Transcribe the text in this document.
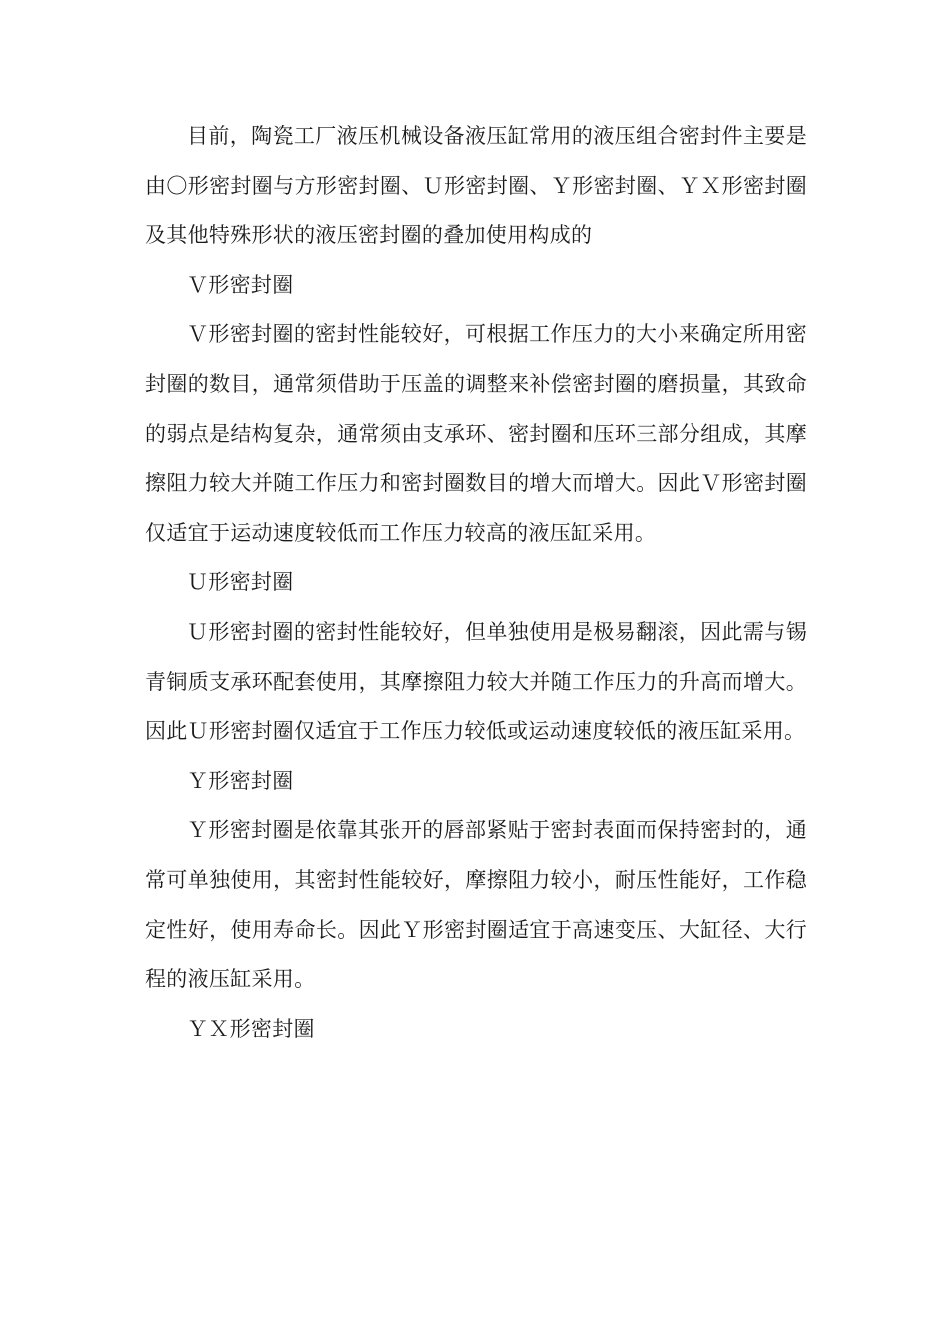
目前，陶瓷工厂液压机械设备液压缸常用的液压组合密封件主要是由〇形密封圈与方形密封圈、Ｕ形密封圈、Ｙ形密封圈、ＹＸ形密封圈及其他特殊形状的液压密封圈的叠加使用构成的

Ｖ形密封圈

Ｖ形密封圈的密封性能较好，可根据工作压力的大小来确定所用密封圈的数目，通常须借助于压盖的调整来补偿密封圈的磨损量，其致命的弱点是结构复杂，通常须由支承环、密封圈和压环三部分组成，其摩擦阻力较大并随工作压力和密封圈数目的增大而增大。因此Ｖ形密封圈仅适宜于运动速度较低而工作压力较高的液压缸采用。

Ｕ形密封圈

Ｕ形密封圈的密封性能较好，但单独使用是极易翻滚，因此需与锡青铜质支承环配套使用，其摩擦阻力较大并随工作压力的升高而增大。因此Ｕ形密封圈仅适宜于工作压力较低或运动速度较低的液压缸采用。

Ｙ形密封圈

Ｙ形密封圈是依靠其张开的唇部紧贴于密封表面而保持密封的，通常可单独使用，其密封性能较好，摩擦阻力较小，耐压性能好，工作稳定性好，使用寿命长。因此Ｙ形密封圈适宜于高速变压、大缸径、大行程的液压缸采用。

ＹＸ形密封圈
